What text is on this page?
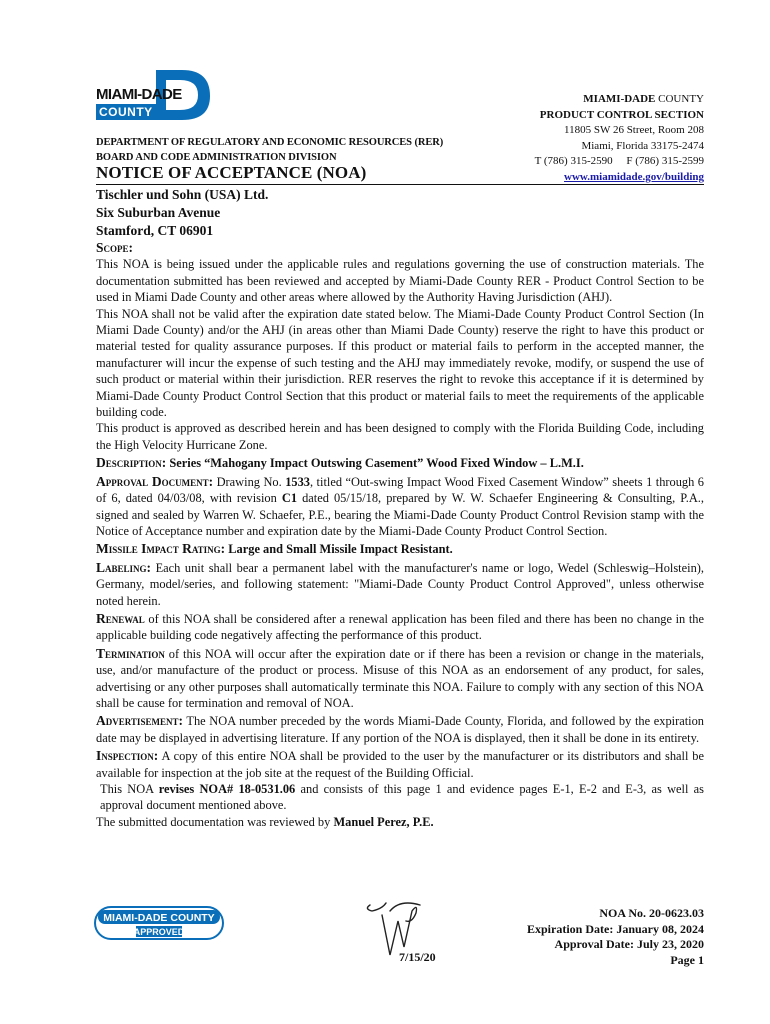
MIAMI-DADE
COUNTY
MIAMI-DADE COUNTY
PRODUCT CONTROL SECTION
11805 SW 26 Street, Room 208
Miami, Florida 33175-2474
T (786) 315-2590     F (786) 315-2599
www.miamidade.gov/building
DEPARTMENT OF REGULATORY AND ECONOMIC RESOURCES (RER)
BOARD AND CODE ADMINISTRATION DIVISION
NOTICE OF ACCEPTANCE (NOA)
Tischler und Sohn (USA) Ltd.
Six Suburban Avenue
Stamford, CT 06901
Scope:

This NOA is being issued under the applicable rules and regulations governing the use of construction materials. The documentation submitted has been reviewed and accepted by Miami-Dade County RER - Product Control Section to be used in Miami Dade County and other areas where allowed by the Authority Having Jurisdiction (AHJ).

This NOA shall not be valid after the expiration date stated below. The Miami-Dade County Product Control Section (In Miami Dade County) and/or the AHJ (in areas other than Miami Dade County) reserve the right to have this product or material tested for quality assurance purposes. If this product or material fails to perform in the accepted manner, the manufacturer will incur the expense of such testing and the AHJ may immediately revoke, modify, or suspend the use of such product or material within their jurisdiction. RER reserves the right to revoke this acceptance if it is determined by Miami-Dade County Product Control Section that this product or material fails to meet the requirements of the applicable building code.

This product is approved as described herein and has been designed to comply with the Florida Building Code, including the High Velocity Hurricane Zone.

Description: Series “Mahogany Impact Outswing Casement” Wood Fixed Window – L.M.I.

Approval Document: Drawing No. 1533, titled “Out-swing Impact Wood Fixed Casement Window” sheets 1 through 6 of 6, dated 04/03/08, with revision C1 dated 05/15/18, prepared by W. W. Schaefer Engineering & Consulting, P.A., signed and sealed by Warren W. Schaefer, P.E., bearing the Miami-Dade County Product Control Revision stamp with the Notice of Acceptance number and expiration date by the Miami-Dade County Product Control Section.

Missile Impact Rating: Large and Small Missile Impact Resistant.

Labeling: Each unit shall bear a permanent label with the manufacturer's name or logo, Wedel (Schleswig–Holstein), Germany, model/series, and following statement: "Miami-Dade County Product Control Approved", unless otherwise noted herein.

Renewal of this NOA shall be considered after a renewal application has been filed and there has been no change in the applicable building code negatively affecting the performance of this product.

Termination of this NOA will occur after the expiration date or if there has been a revision or change in the materials, use, and/or manufacture of the product or process. Misuse of this NOA as an endorsement of any product, for sales, advertising or any other purposes shall automatically terminate this NOA. Failure to comply with any section of this NOA shall be cause for termination and removal of NOA.

Advertisement: The NOA number preceded by the words Miami-Dade County, Florida, and followed by the expiration date may be displayed in advertising literature. If any portion of the NOA is displayed, then it shall be done in its entirety.

Inspection: A copy of this entire NOA shall be provided to the user by the manufacturer or its distributors and shall be available for inspection at the job site at the request of the Building Official.

This NOA revises NOA# 18-0531.06 and consists of this page 1 and evidence pages E-1, E-2 and E-3, as well as approval document mentioned above.

The submitted documentation was reviewed by Manuel Perez, P.E.

MIAMI-DADE COUNTY
APPROVED
7/15/20
NOA No. 20-0623.03
Expiration Date: January 08, 2024
Approval Date: July 23, 2020
Page 1
